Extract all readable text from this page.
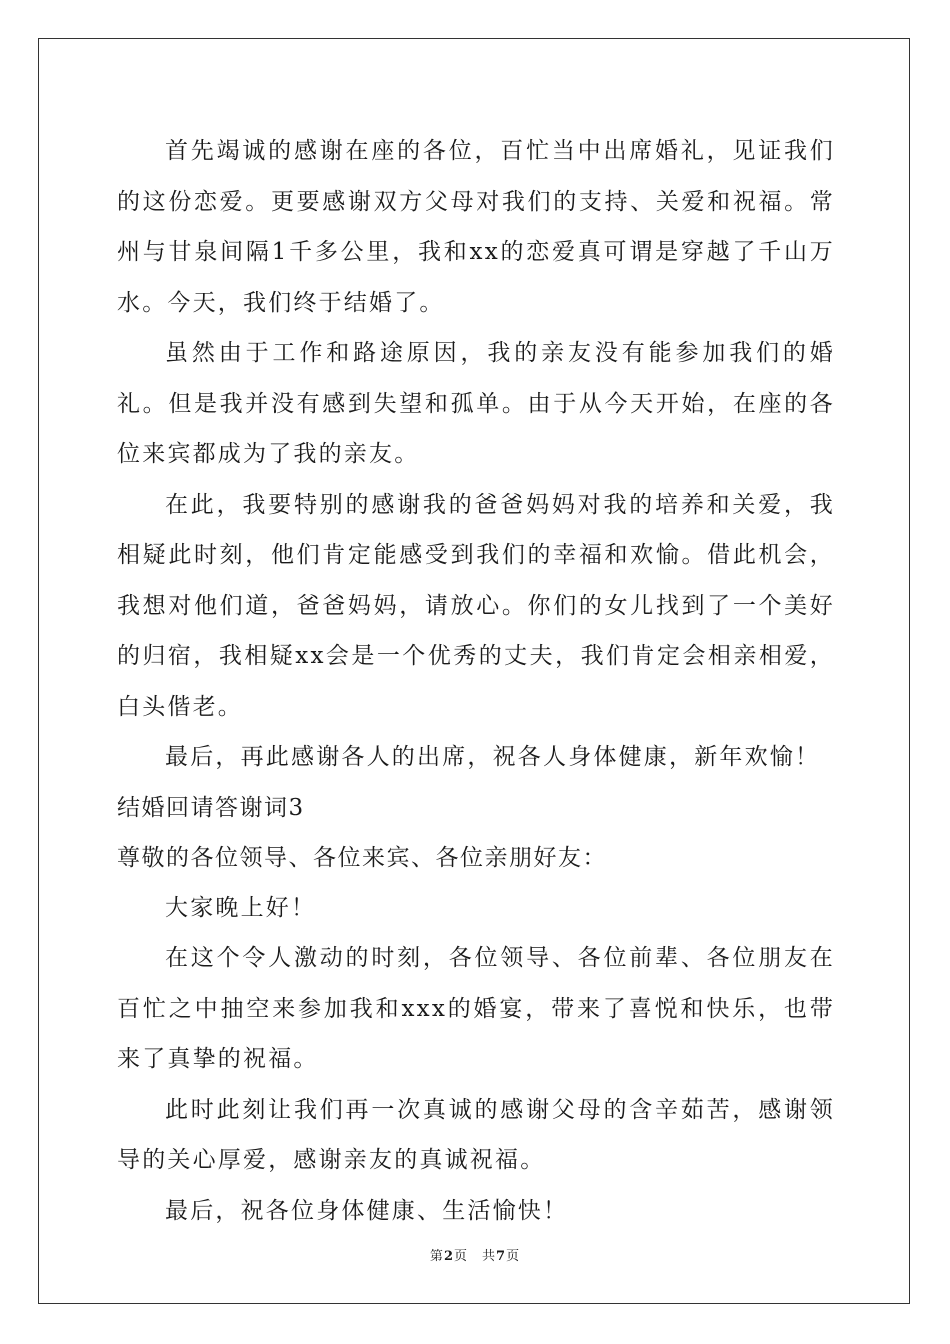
首先竭诚的感谢在座的各位，百忙当中出席婚礼，见证我们的这份恋爱。更要感谢双方父母对我们的支持、关爱和祝福。常州与甘泉间隔1千多公里，我和xx的恋爱真可谓是穿越了千山万水。今天，我们终于结婚了。

虽然由于工作和路途原因，我的亲友没有能参加我们的婚礼。但是我并没有感到失望和孤单。由于从今天开始，在座的各位来宾都成为了我的亲友。

在此，我要特别的感谢我的爸爸妈妈对我的培养和关爱，我相疑此时刻，他们肯定能感受到我们的幸福和欢愉。借此机会，我想对他们道，爸爸妈妈，请放心。你们的女儿找到了一个美好的归宿，我相疑xx会是一个优秀的丈夫，我们肯定会相亲相爱，白头偕老。

最后，再此感谢各人的出席，祝各人身体健康，新年欢愉！

结婚回请答谢词3

尊敬的各位领导、各位来宾、各位亲朋好友：

大家晚上好！

在这个令人激动的时刻，各位领导、各位前辈、各位朋友在百忙之中抽空来参加我和xxx的婚宴，带来了喜悦和快乐，也带来了真挚的祝福。

此时此刻让我们再一次真诚的感谢父母的含辛茹苦，感谢领导的关心厚爱，感谢亲友的真诚祝福。

最后，祝各位身体健康、生活愉快！

第2页 共7页
